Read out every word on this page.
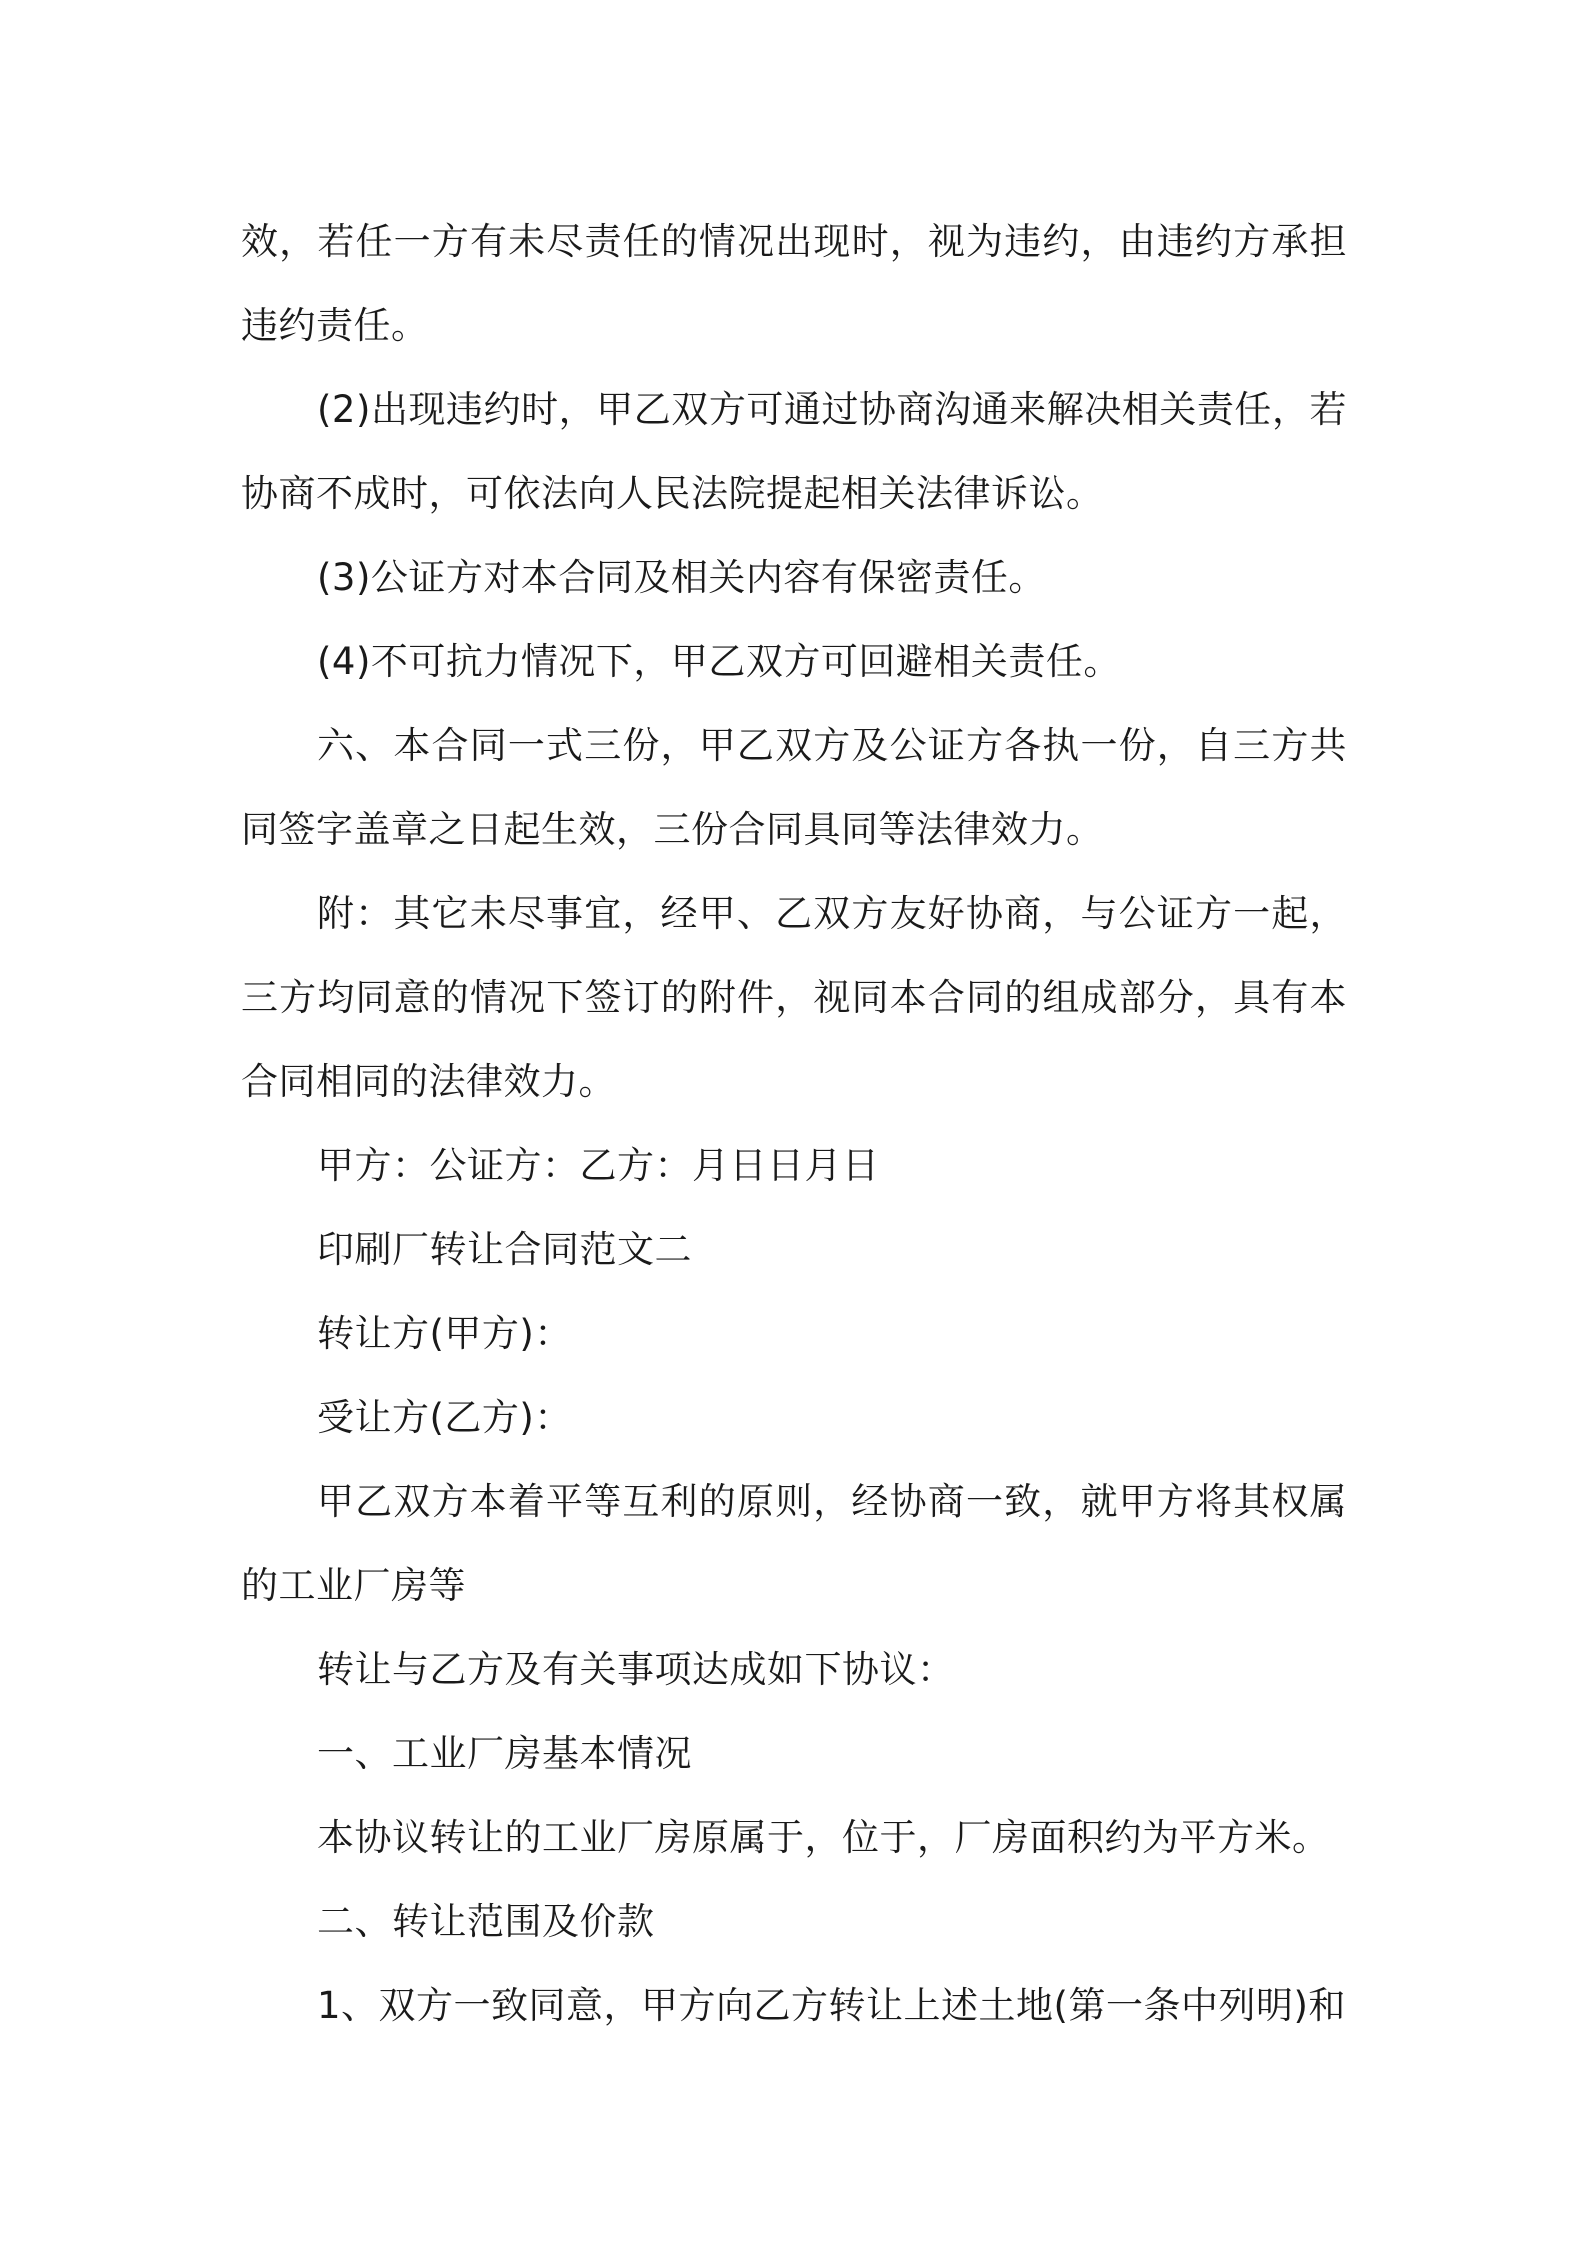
效，若任一方有未尽责任的情况出现时，视为违约，由违约方承担违约责任。

(2)出现违约时，甲乙双方可通过协商沟通来解决相关责任，若协商不成时，可依法向人民法院提起相关法律诉讼。

(3)公证方对本合同及相关内容有保密责任。

(4)不可抗力情况下，甲乙双方可回避相关责任。

六、本合同一式三份，甲乙双方及公证方各执一份，自三方共同签字盖章之日起生效，三份合同具同等法律效力。

附：其它未尽事宜，经甲、乙双方友好协商，与公证方一起，三方均同意的情况下签订的附件，视同本合同的组成部分，具有本合同相同的法律效力。

甲方：公证方：乙方：月日日月日

印刷厂转让合同范文二

转让方(甲方)：

受让方(乙方)：

甲乙双方本着平等互利的原则，经协商一致，就甲方将其权属的工业厂房等

转让与乙方及有关事项达成如下协议：

一、工业厂房基本情况

本协议转让的工业厂房原属于，位于，厂房面积约为平方米。

二、转让范围及价款

1、双方一致同意，甲方向乙方转让上述土地(第一条中列明)和
